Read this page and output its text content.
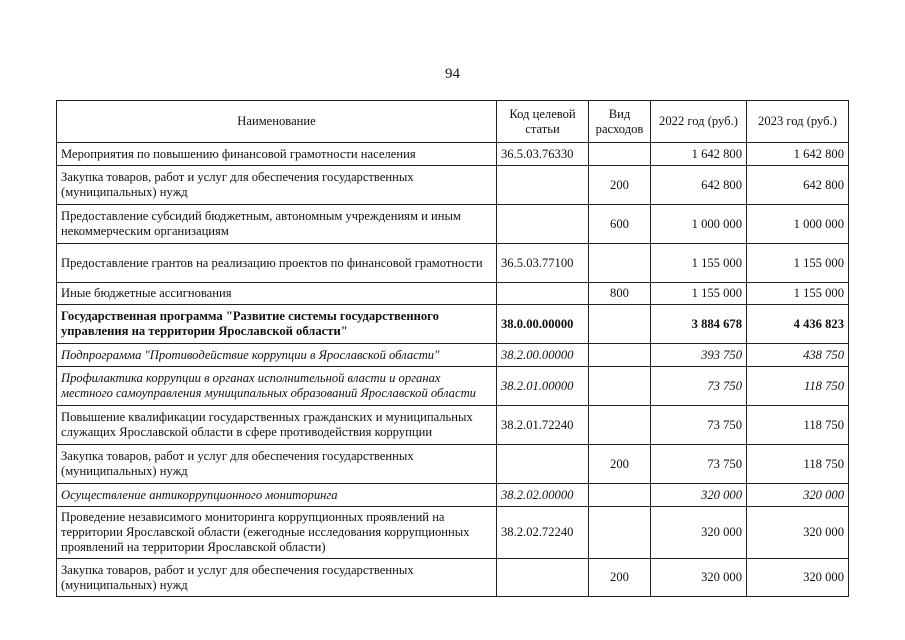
94
Наименование	Код целевой статьи	Вид расходов	2022 год (руб.)	2023 год (руб.)
Мероприятия по повышению финансовой грамотности населения	36.5.03.76330		1 642 800	1 642 800
Закупка товаров, работ и услуг для обеспечения государственных (муниципальных) нужд		200	642 800	642 800
Предоставление субсидий бюджетным, автономным учреждениям и иным некоммерческим организациям		600	1 000 000	1 000 000
Предоставление грантов на реализацию проектов по финансовой грамотности	36.5.03.77100		1 155 000	1 155 000
Иные бюджетные ассигнования		800	1 155 000	1 155 000
Государственная программа "Развитие системы государственного управления на территории Ярославской области"	38.0.00.00000		3 884 678	4 436 823
Подпрограмма "Противодействие коррупции в Ярославской области"	38.2.00.00000		393 750	438 750
Профилактика коррупции в органах исполнительной власти и органах местного самоуправления муниципальных образований Ярославской области	38.2.01.00000		73 750	118 750
Повышение квалификации государственных гражданских и муниципальных служащих Ярославской области в сфере противодействия коррупции	38.2.01.72240		73 750	118 750
Закупка товаров, работ и услуг для обеспечения государственных (муниципальных) нужд		200	73 750	118 750
Осуществление антикоррупционного мониторинга	38.2.02.00000		320 000	320 000
Проведение независимого мониторинга коррупционных проявлений на территории Ярославской области (ежегодные исследования коррупционных проявлений на территории Ярославской области)	38.2.02.72240		320 000	320 000
Закупка товаров, работ и услуг для обеспечения государственных (муниципальных) нужд		200	320 000	320 000
